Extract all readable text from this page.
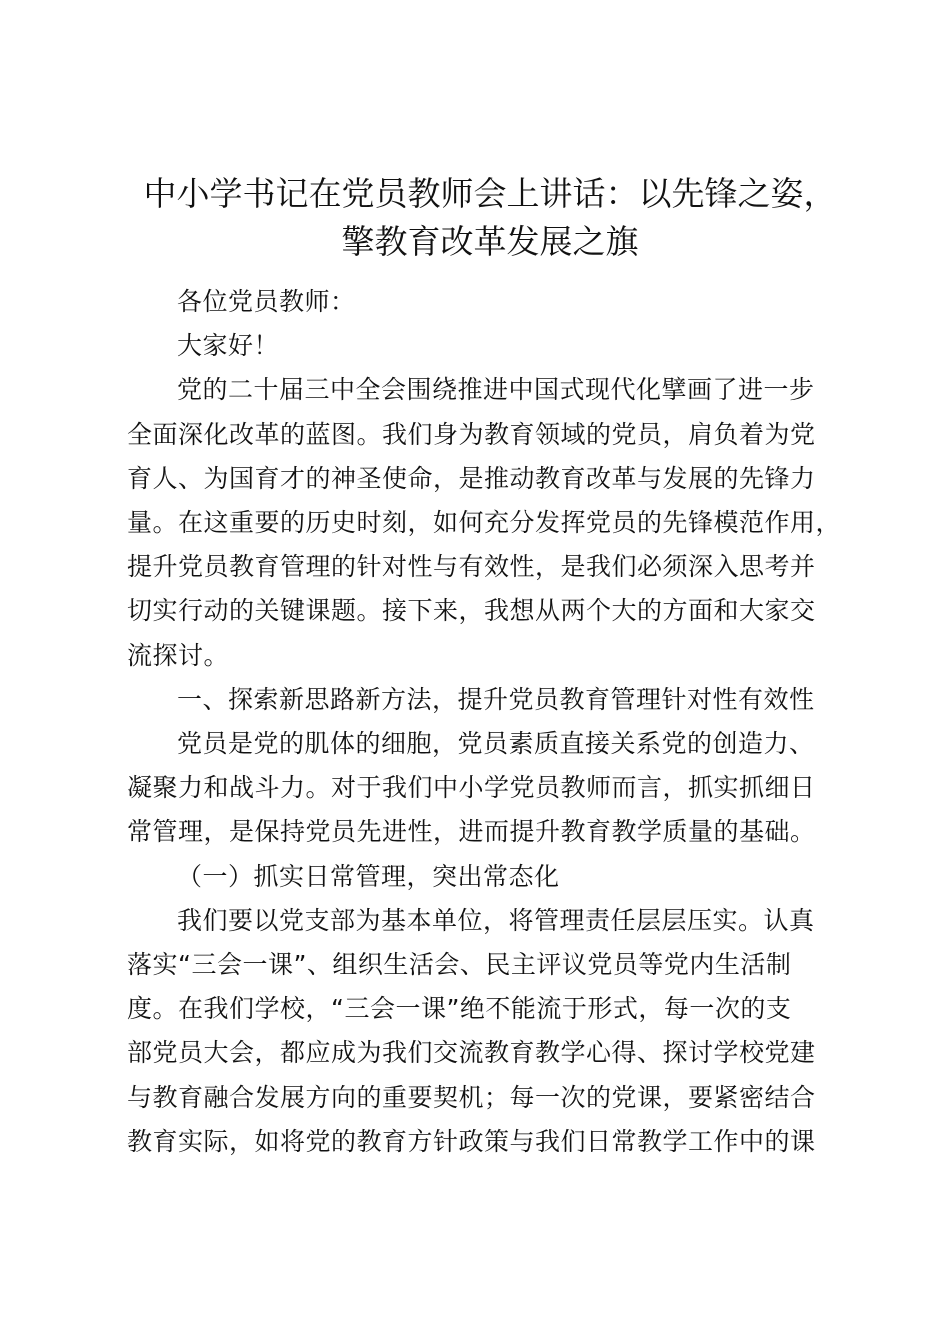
中小学书记在党员教师会上讲话：以先锋之姿，
擎教育改革发展之旗
各位党员教师：
大家好！
党的二十届三中全会围绕推进中国式现代化擘画了进一步
全面深化改革的蓝图。我们身为教育领域的党员，肩负着为党
育人、为国育才的神圣使命，是推动教育改革与发展的先锋力
量。在这重要的历史时刻，如何充分发挥党员的先锋模范作用，
提升党员教育管理的针对性与有效性，是我们必须深入思考并
切实行动的关键课题。接下来，我想从两个大的方面和大家交
流探讨。
一、探索新思路新方法，提升党员教育管理针对性有效性
党员是党的肌体的细胞，党员素质直接关系党的创造力、
凝聚力和战斗力。对于我们中小学党员教师而言，抓实抓细日
常管理，是保持党员先进性，进而提升教育教学质量的基础。
（一）抓实日常管理，突出常态化
我们要以党支部为基本单位，将管理责任层层压实。认真
落实“三会一课”、组织生活会、民主评议党员等党内生活制
度。在我们学校，“三会一课”绝不能流于形式，每一次的支
部党员大会，都应成为我们交流教育教学心得、探讨学校党建
与教育融合发展方向的重要契机；每一次的党课，要紧密结合
教育实际，如将党的教育方针政策与我们日常教学工作中的课
